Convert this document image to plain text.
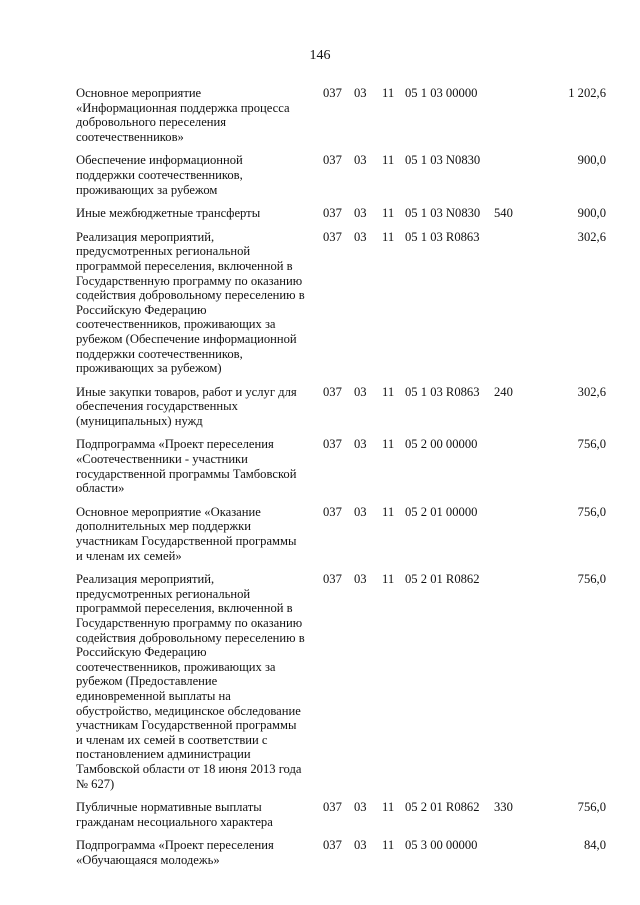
146
Основное мероприятие
«Информационная поддержка процесса
добровольного переселения
соотечественников»
037 03 11 05 1 03 00000	1 202,6
Обеспечение информационной
поддержки соотечественников,
проживающих за рубежом
037 03 11 05 1 03 N0830	900,0
Иные межбюджетные трансферты	037 03 11 05 1 03 N0830 540	900,0
Реализация мероприятий,
предусмотренных региональной
программой переселения, включенной в
Государственную программу по оказанию
содействия добровольному переселению в
Российскую Федерацию
соотечественников, проживающих за
рубежом (Обеспечение информационной
поддержки соотечественников,
проживающих за рубежом)
037 03 11 05 1 03 R0863	302,6
Иные закупки товаров, работ и услуг для
обеспечения государственных
(муниципальных) нужд
037 03 11 05 1 03 R0863 240	302,6
Подпрограмма «Проект переселения
«Соотечественники - участники
государственной программы Тамбовской
области»
037 03 11 05 2 00 00000	756,0
Основное мероприятие «Оказание
дополнительных мер поддержки
участникам Государственной программы
и членам их семей»
037 03 11 05 2 01 00000	756,0
Реализация мероприятий,
предусмотренных региональной
программой переселения, включенной в
Государственную программу по оказанию
содействия добровольному переселению в
Российскую Федерацию
соотечественников, проживающих за
рубежом (Предоставление
единовременной выплаты на
обустройство, медицинское обследование
участникам Государственной программы
и членам их семей в соответствии с
постановлением администрации
Тамбовской области от 18 июня 2013 года
№ 627)
037 03 11 05 2 01 R0862	756,0
Публичные нормативные выплаты
гражданам несоциального характера
037 03 11 05 2 01 R0862 330	756,0
Подпрограмма «Проект переселения
«Обучающаяся молодежь»
037 03 11 05 3 00 00000	84,0
